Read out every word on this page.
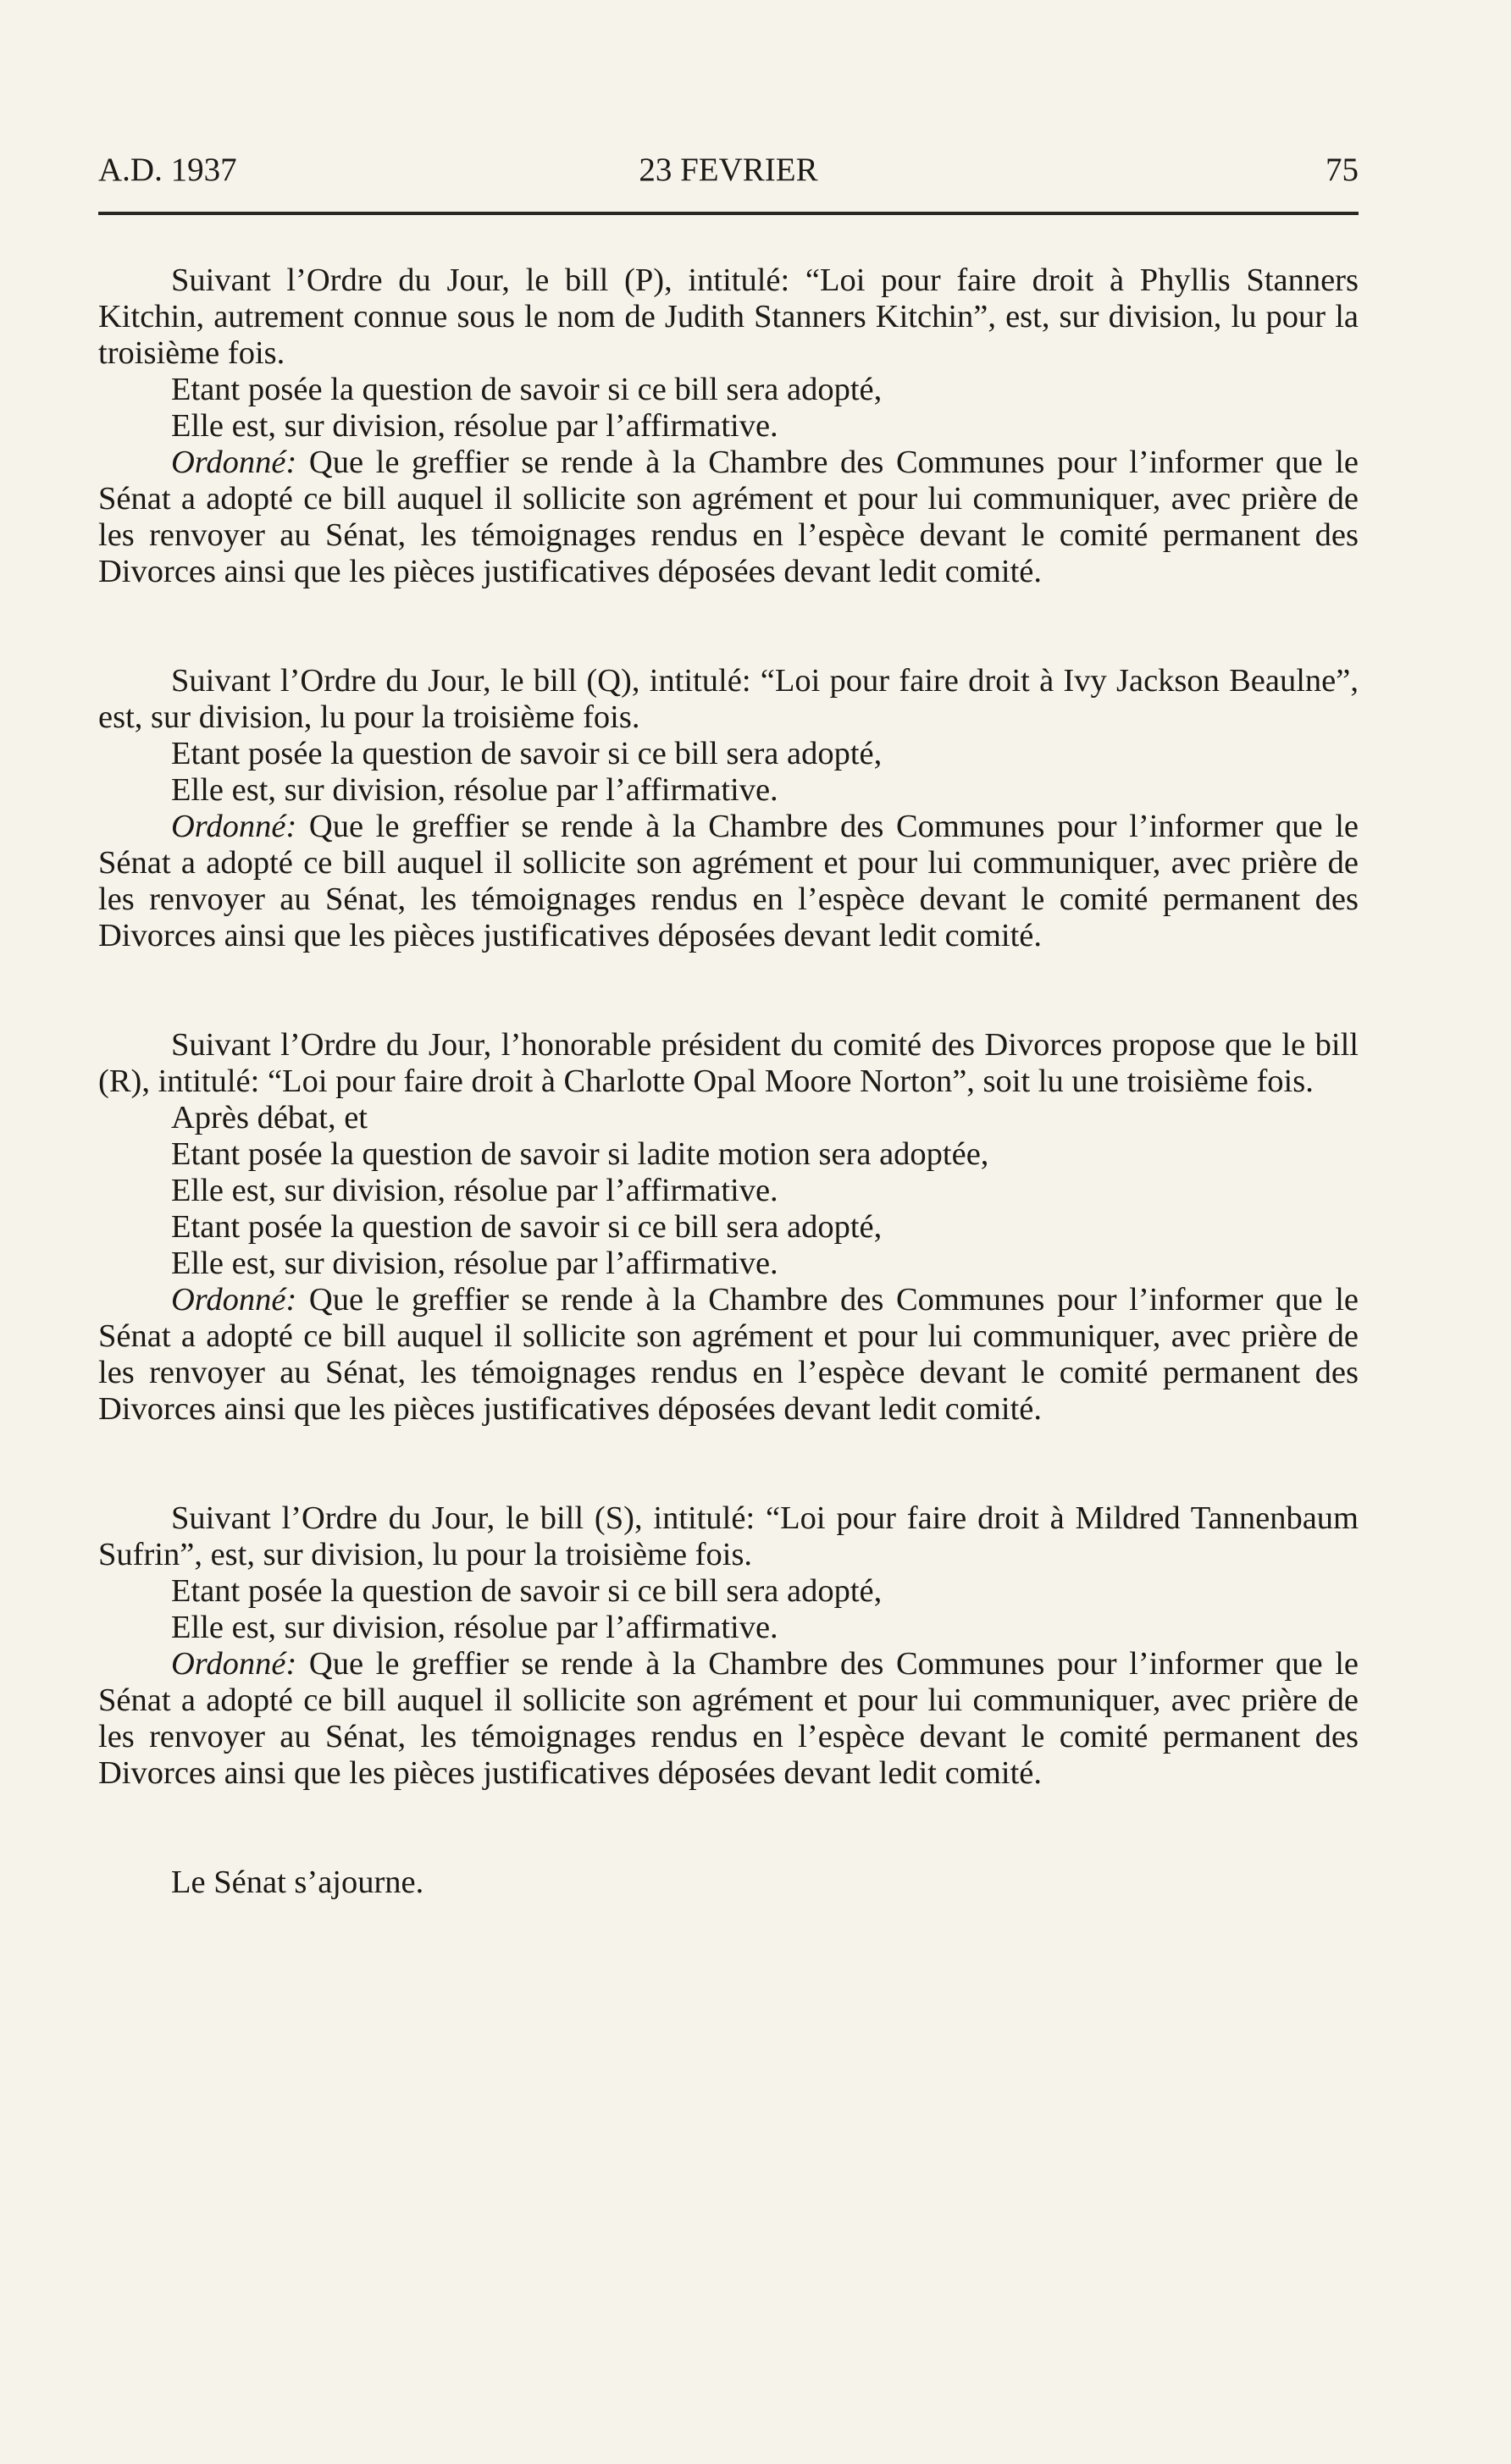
A.D. 1937	23 FEVRIER	75

Suivant l’Ordre du Jour, le bill (P), intitulé: “Loi pour faire droit à Phyllis Stanners Kitchin, autrement connue sous le nom de Judith Stanners Kitchin”, est, sur division, lu pour la troisième fois.

Etant posée la question de savoir si ce bill sera adopté,

Elle est, sur division, résolue par l’affirmative.

Ordonné: Que le greffier se rende à la Chambre des Communes pour l’informer que le Sénat a adopté ce bill auquel il sollicite son agrément et pour lui communiquer, avec prière de les renvoyer au Sénat, les témoignages rendus en l’espèce devant le comité permanent des Divorces ainsi que les pièces justificatives déposées devant ledit comité.

Suivant l’Ordre du Jour, le bill (Q), intitulé: “Loi pour faire droit à Ivy Jackson Beaulne”, est, sur division, lu pour la troisième fois.

Etant posée la question de savoir si ce bill sera adopté,

Elle est, sur division, résolue par l’affirmative.

Ordonné: Que le greffier se rende à la Chambre des Communes pour l’informer que le Sénat a adopté ce bill auquel il sollicite son agrément et pour lui communiquer, avec prière de les renvoyer au Sénat, les témoignages rendus en l’espèce devant le comité permanent des Divorces ainsi que les pièces justificatives déposées devant ledit comité.

Suivant l’Ordre du Jour, l’honorable président du comité des Divorces propose que le bill (R), intitulé: “Loi pour faire droit à Charlotte Opal Moore Norton”, soit lu une troisième fois.

Après débat, et

Etant posée la question de savoir si ladite motion sera adoptée,

Elle est, sur division, résolue par l’affirmative.

Etant posée la question de savoir si ce bill sera adopté,

Elle est, sur division, résolue par l’affirmative.

Ordonné: Que le greffier se rende à la Chambre des Communes pour l’informer que le Sénat a adopté ce bill auquel il sollicite son agrément et pour lui communiquer, avec prière de les renvoyer au Sénat, les témoignages rendus en l’espèce devant le comité permanent des Divorces ainsi que les pièces justificatives déposées devant ledit comité.

Suivant l’Ordre du Jour, le bill (S), intitulé: “Loi pour faire droit à Mildred Tannenbaum Sufrin”, est, sur division, lu pour la troisième fois.

Etant posée la question de savoir si ce bill sera adopté,

Elle est, sur division, résolue par l’affirmative.

Ordonné: Que le greffier se rende à la Chambre des Communes pour l’informer que le Sénat a adopté ce bill auquel il sollicite son agrément et pour lui communiquer, avec prière de les renvoyer au Sénat, les témoignages rendus en l’espèce devant le comité permanent des Divorces ainsi que les pièces justificatives déposées devant ledit comité.

Le Sénat s’ajourne.
